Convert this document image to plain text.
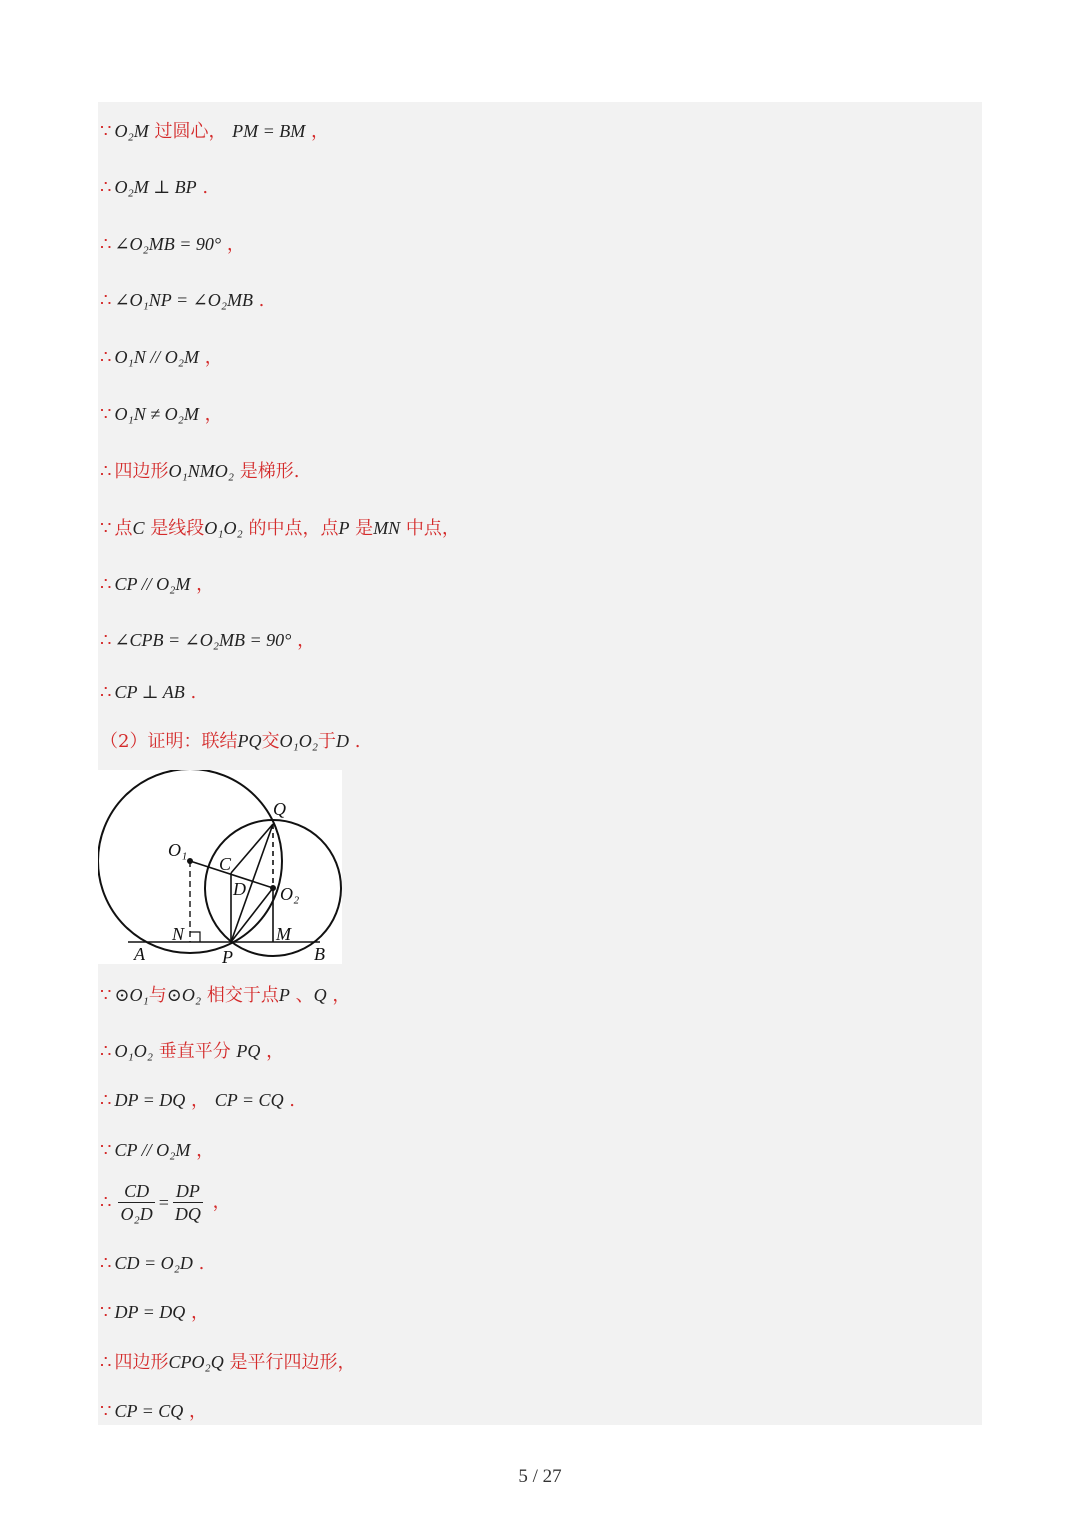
∵ O₂M 过圆心， PM = BM ，
∴ O₂M ⊥ BP .
∴ ∠O₂MB = 90° ，
∴ ∠O₁NP = ∠O₂MB .
∴ O₁N // O₂M ，
∵ O₁N ≠ O₂M ，
∴ 四边形O₁NMO₂ 是梯形.
∵ 点C 是线段O₁O₂ 的中点，点P 是MN 中点，
∴ CP // O₂M ，
∴ ∠CPB = ∠O₂MB = 90° ，
∴ CP ⊥ AB .
（2）证明：联结PQ交O₁O₂于D .
O₁
O₂
C
D
Q
N	M
A	P	B
∵ ⊙O₁与⊙O₂ 相交于点P 、Q ，
∴ O₁O₂ 垂直平分 PQ ，
∴ DP = DQ ， CP = CQ .
∵ CP // O₂M ，
∴ $\frac{CD}{\text{O₂D}} = \frac{DP}{DQ}$ ，
∴ CD = O₂D .
∵ DP = DQ ，
∴ 四边形CPO₂Q 是平行四边形，
∵ CP = CQ ，
5 / 27
